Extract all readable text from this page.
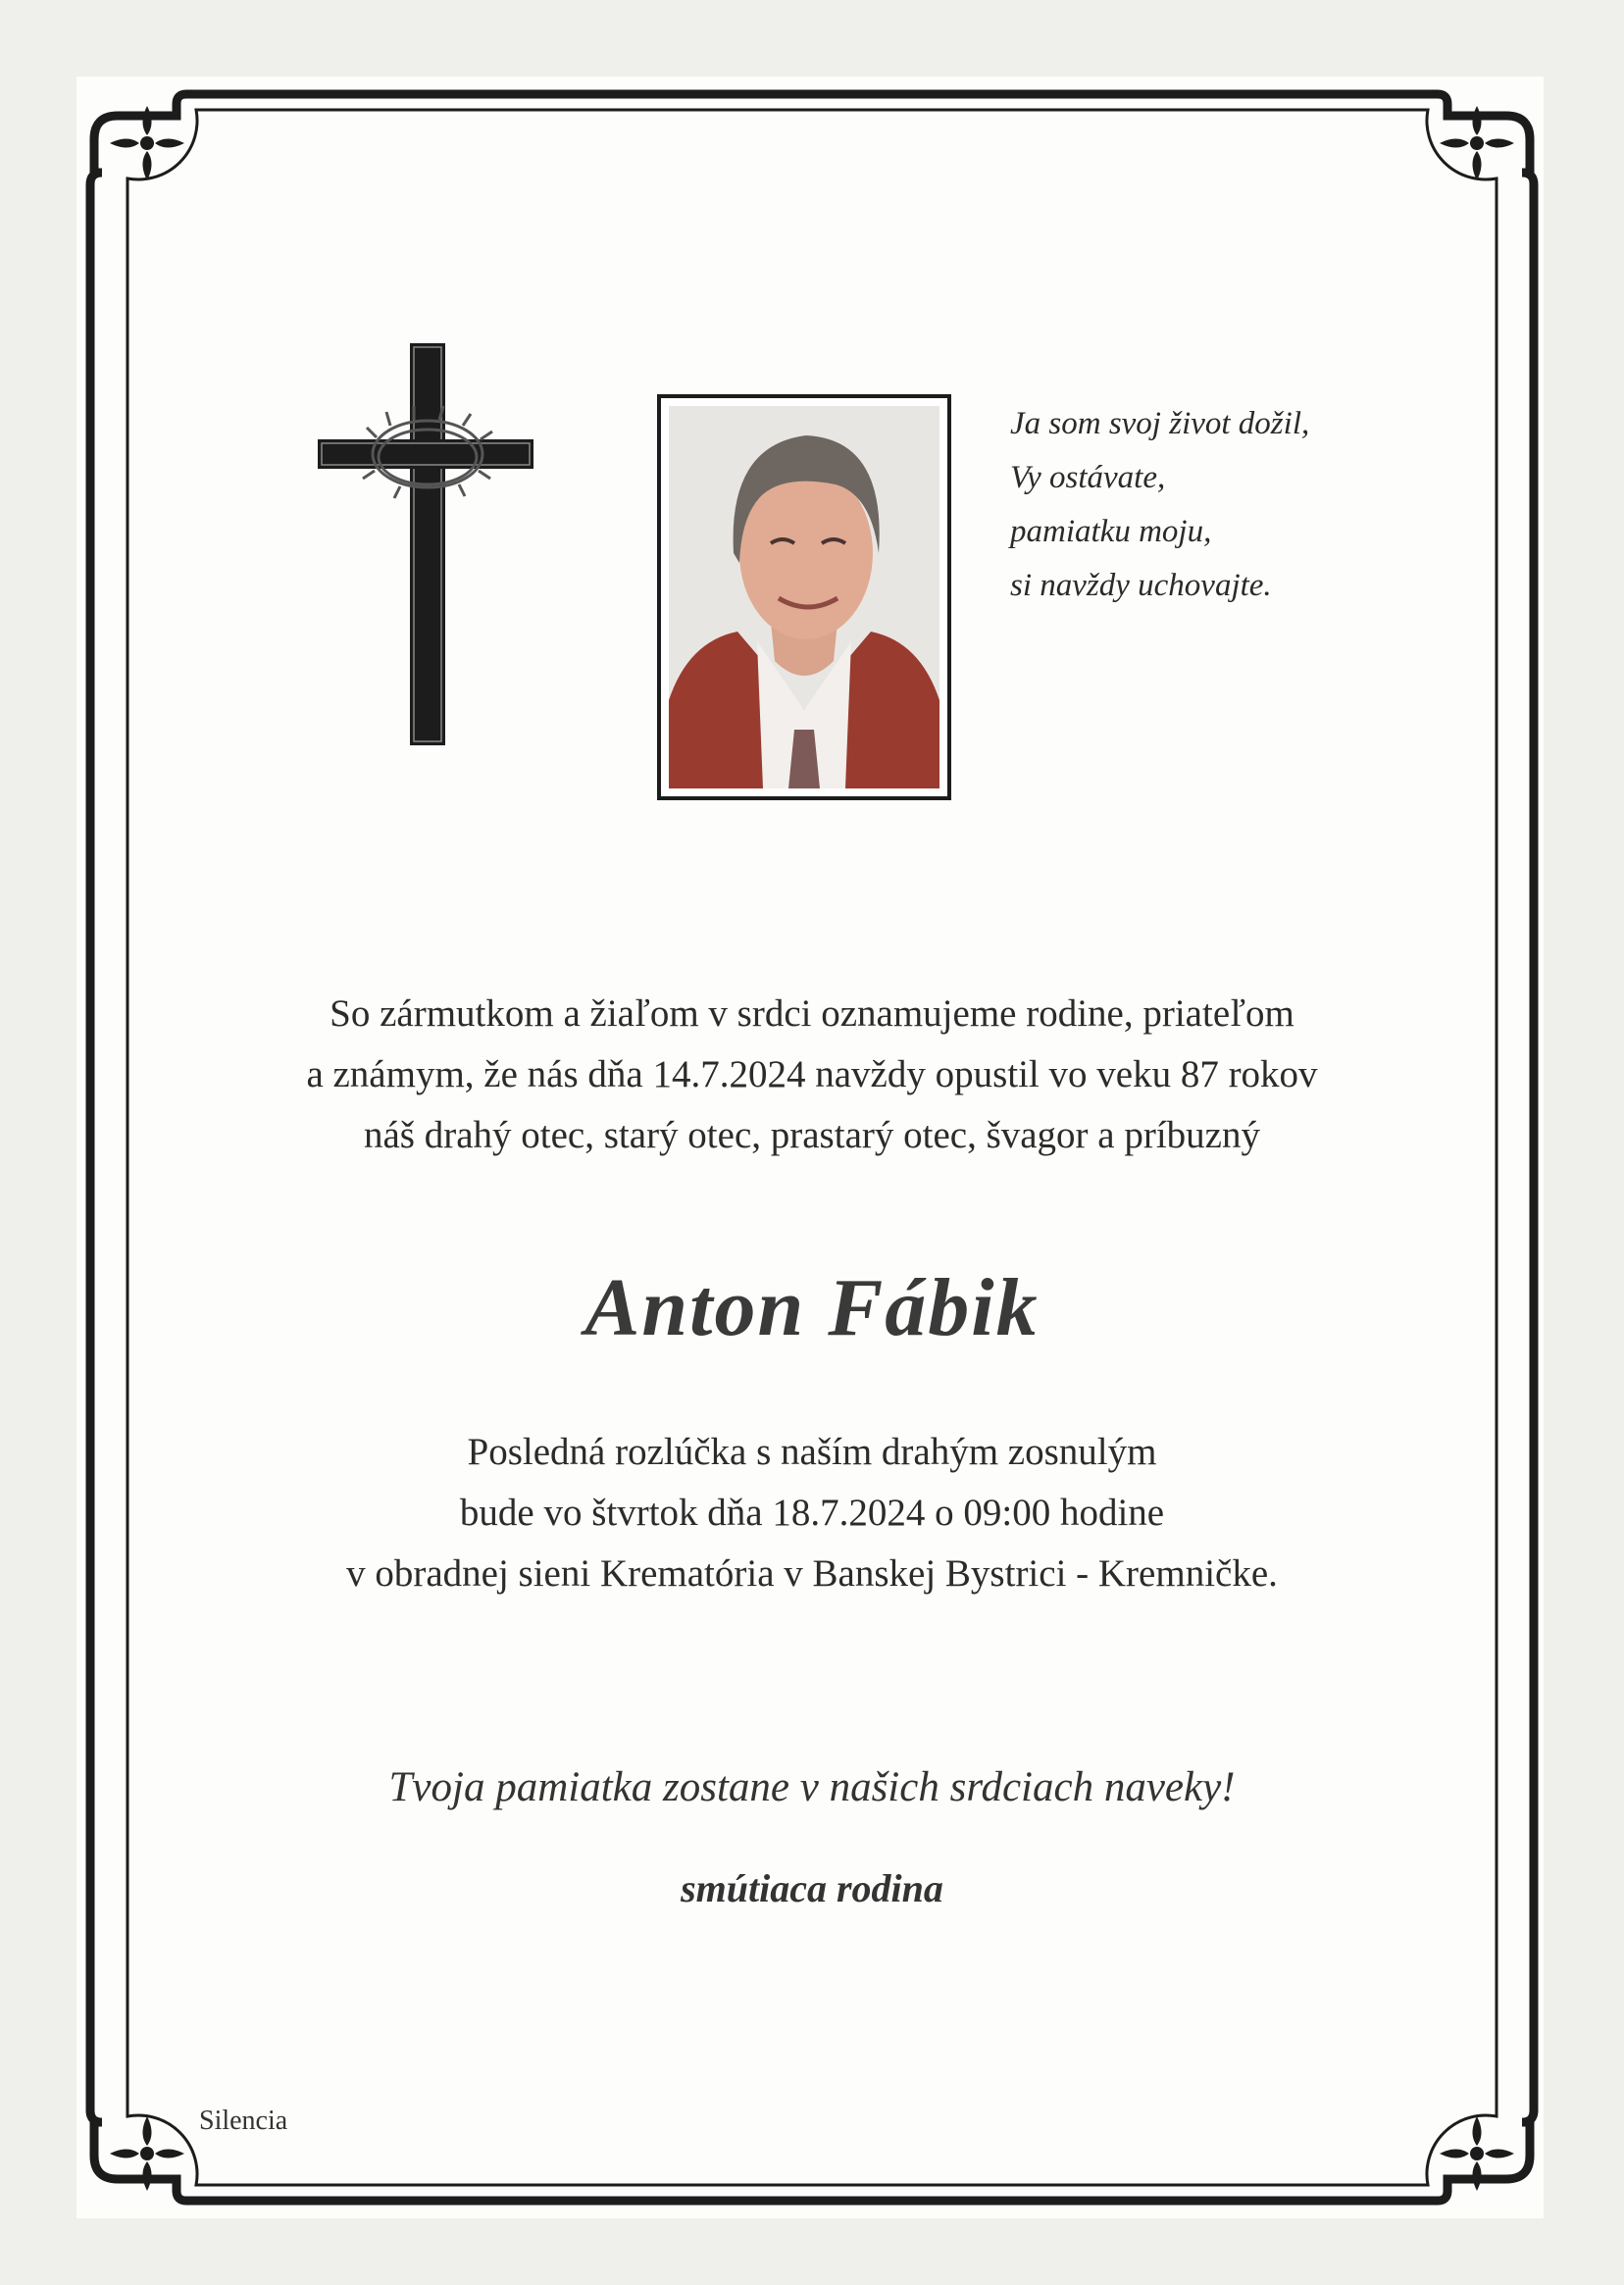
Ja som svoj život dožil,
Vy ostávate,
pamiatku moju,
si navždy uchovajte.
So zármutkom a žiaľom v srdci oznamujeme rodine, priateľom
a známym, že nás dňa 14.7.2024 navždy opustil vo veku 87 rokov
náš drahý otec, starý otec, prastarý otec, švagor a príbuzný
Anton Fábik
Posledná rozlúčka s naším drahým zosnulým
bude vo štvrtok dňa 18.7.2024 o 09:00 hodine
v obradnej sieni Krematória v Banskej Bystrici - Kremničke.
Tvoja pamiatka zostane v našich srdciach naveky!
smútiaca rodina
Silencia
